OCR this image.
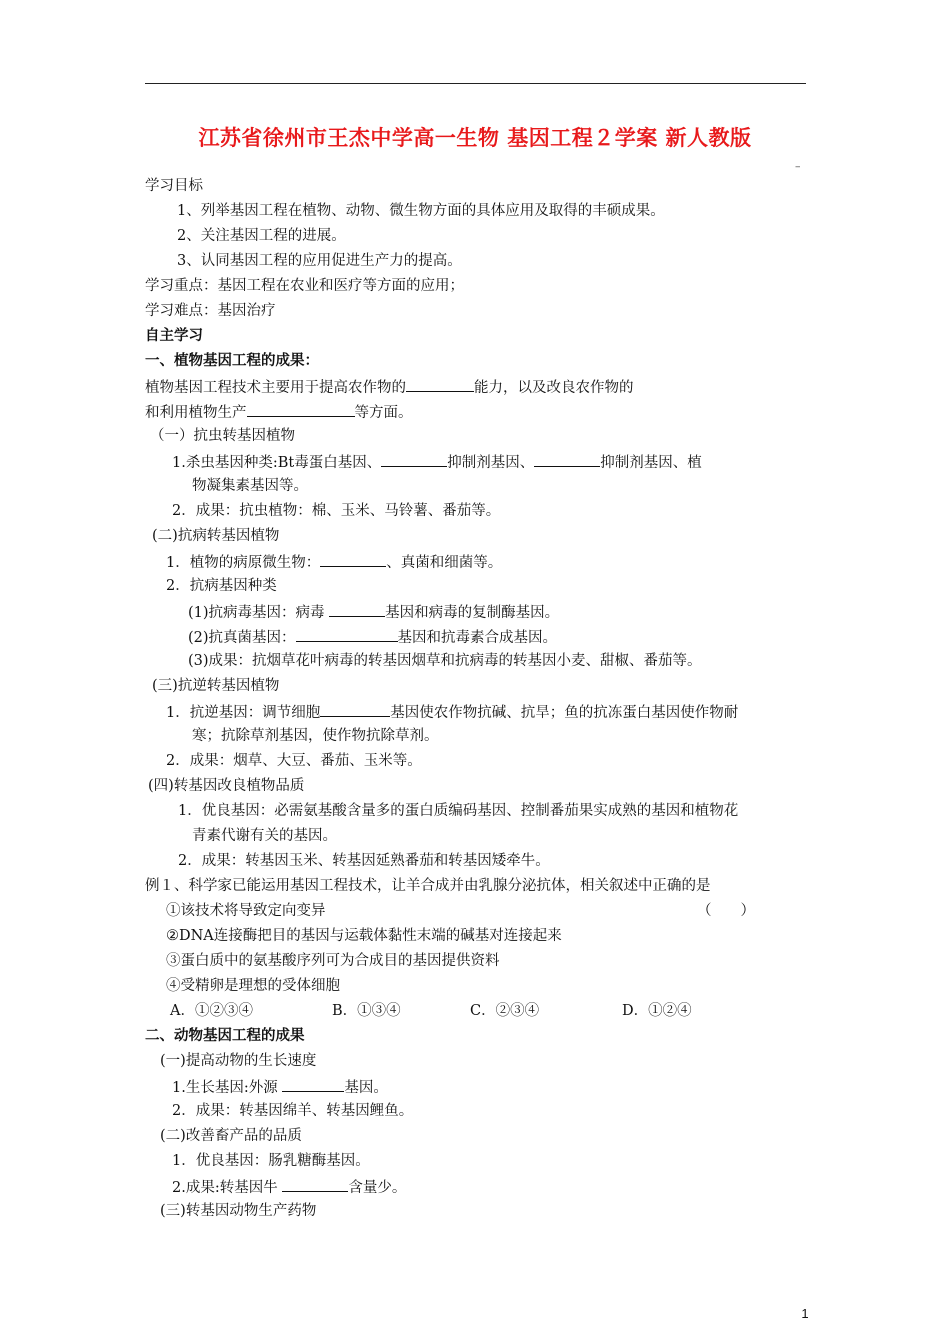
江苏省徐州市王杰中学高一生物 基因工程２学案 新人教版
–
学习目标
1、列举基因工程在植物、动物、微生物方面的具体应用及取得的丰硕成果。
2、关注基因工程的进展。
3、认同基因工程的应用促进生产力的提高。
学习重点：基因工程在农业和医疗等方面的应用；
学习难点：基因治疗
自主学习
一、植物基因工程的成果：
植物基因工程技术主要用于提高农作物的	能力，以及改良农作物的
和利用植物生产	等方面。
（一）抗虫转基因植物
1.杀虫基因种类:Bt毒蛋白基因、	抑制剂基因、	抑制剂基因、植
物凝集素基因等。
2．成果：抗虫植物：棉、玉米、马铃薯、番茄等。
(二)抗病转基因植物
1．植物的病原微生物：	、真菌和细菌等。
2．抗病基因种类
(1)抗病毒基因：病毒	基因和病毒的复制酶基因。
(2)抗真菌基因：	基因和抗毒素合成基因。
(3)成果：抗烟草花叶病毒的转基因烟草和抗病毒的转基因小麦、甜椒、番茄等。
(三)抗逆转基因植物
1．抗逆基因：调节细胞	基因使农作物抗碱、抗旱；鱼的抗冻蛋白基因使作物耐
寒；抗除草剂基因，使作物抗除草剂。
2．成果：烟草、大豆、番茄、玉米等。
(四)转基因改良植物品质
1．优良基因：必需氨基酸含量多的蛋白质编码基因、控制番茄果实成熟的基因和植物花
青素代谢有关的基因。
2．成果：转基因玉米、转基因延熟番茄和转基因矮牵牛。
例１、科学家已能运用基因工程技术，让羊合成并由乳腺分泌抗体，相关叙述中正确的是
①该技术将导致定向变异	（　　）
②DNA连接酶把目的基因与运载体黏性末端的碱基对连接起来
③蛋白质中的氨基酸序列可为合成目的基因提供资料
④受精卵是理想的受体细胞
A．①②③④	B．①③④	C．②③④	D．①②④
二、动物基因工程的成果
(一)提高动物的生长速度
1.生长基因:外源	基因。
2．成果：转基因绵羊、转基因鲤鱼。
(二)改善畜产品的品质
1．优良基因：肠乳糖酶基因。
2.成果:转基因牛	含量少。
(三)转基因动物生产药物
1
